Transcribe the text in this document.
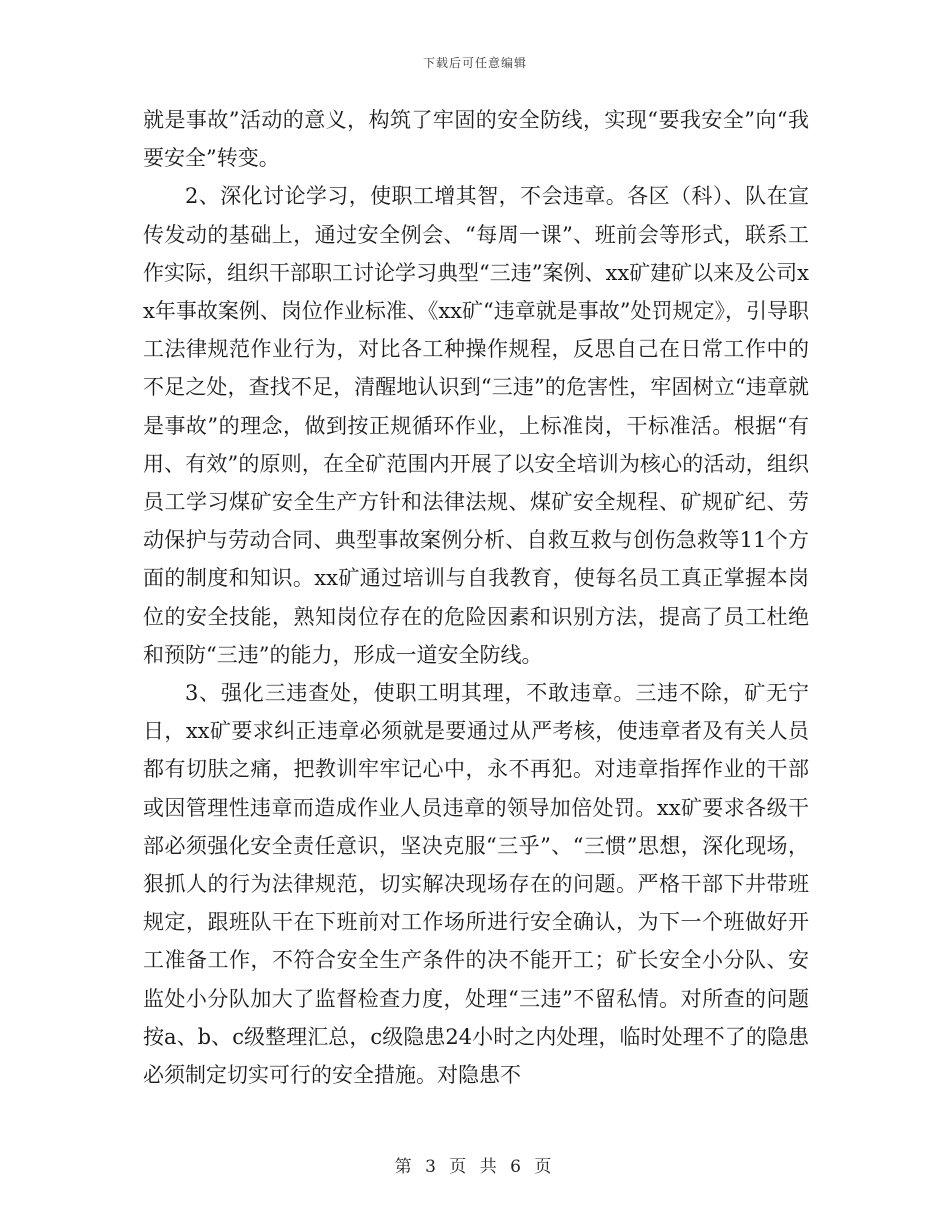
下载后可任意编辑

就是事故”活动的意义，构筑了牢固的安全防线，实现“要我安全”向“我要安全”转变。

2、深化讨论学习，使职工增其智，不会违章。各区（科）、队在宣传发动的基础上，通过安全例会、“每周一课”、班前会等形式，联系工作实际，组织干部职工讨论学习典型“三违”案例、xx矿建矿以来及公司xx年事故案例、岗位作业标准、《xx矿“违章就是事故”处罚规定》，引导职工法律规范作业行为，对比各工种操作规程，反思自己在日常工作中的不足之处，查找不足，清醒地认识到“三违”的危害性，牢固树立“违章就是事故”的理念，做到按正规循环作业，上标准岗，干标准活。根据“有用、有效”的原则，在全矿范围内开展了以安全培训为核心的活动，组织员工学习煤矿安全生产方针和法律法规、煤矿安全规程、矿规矿纪、劳动保护与劳动合同、典型事故案例分析、自救互救与创伤急救等11个方面的制度和知识。xx矿通过培训与自我教育，使每名员工真正掌握本岗位的安全技能，熟知岗位存在的危险因素和识别方法，提高了员工杜绝和预防“三违”的能力，形成一道安全防线。

3、强化三违查处，使职工明其理，不敢违章。三违不除，矿无宁日，xx矿要求纠正违章必须就是要通过从严考核，使违章者及有关人员都有切肤之痛，把教训牢牢记心中，永不再犯。对违章指挥作业的干部或因管理性违章而造成作业人员违章的领导加倍处罚。xx矿要求各级干部必须强化安全责任意识，坚决克服“三乎”、“三惯”思想，深化现场，狠抓人的行为法律规范，切实解决现场存在的问题。严格干部下井带班规定，跟班队干在下班前对工作场所进行安全确认，为下一个班做好开工准备工作，不符合安全生产条件的决不能开工；矿长安全小分队、安监处小分队加大了监督检查力度，处理“三违”不留私情。对所查的问题按a、b、c级整理汇总，c级隐患24小时之内处理，临时处理不了的隐患必须制定切实可行的安全措施。对隐患不

第 3 页 共 6 页
